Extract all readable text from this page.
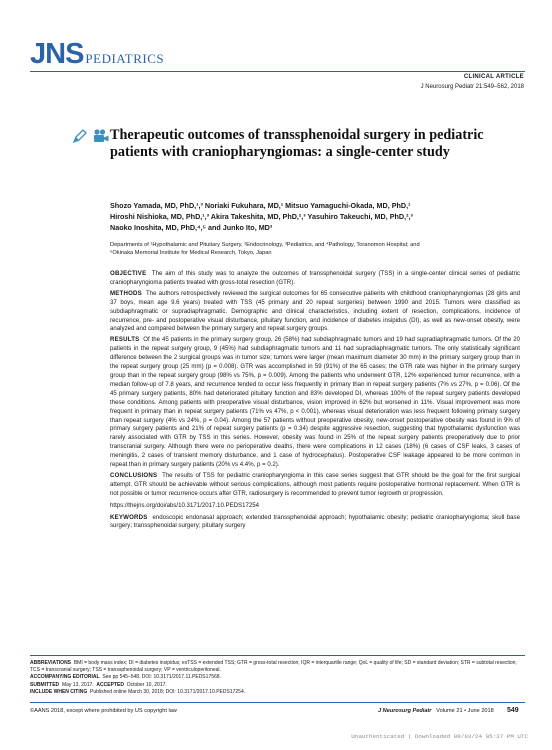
JNS PEDIATRICS
CLINICAL ARTICLE
J Neurosurg Pediatr 21:549–562, 2018
Therapeutic outcomes of transsphenoidal surgery in pediatric patients with craniopharyngiomas: a single-center study
Shozo Yamada, MD, PhD,¹,³ Noriaki Fukuhara, MD,¹ Mitsuo Yamaguchi-Okada, MD, PhD,¹
Hiroshi Nishioka, MD, PhD,¹,³ Akira Takeshita, MD, PhD,²,³ Yasuhiro Takeuchi, MD, PhD,²,³
Naoko Inoshita, MD, PhD,⁴,⁵ and Junko Ito, MD³
Departments of ¹Hypothalamic and Pituitary Surgery, ²Endocrinology, ³Pediatrics, and ⁴Pathology, Toranomon Hospital; and
⁵Okinaka Memorial Institute for Medical Research, Tokyo, Japan

OBJECTIVE The aim of this study was to analyze the outcomes of transsphenoidal surgery (TSS) in a single-center clinical series of pediatric craniopharyngioma patients treated with gross-total resection (GTR).

METHODS The authors retrospectively reviewed the surgical outcomes for 65 consecutive patients with childhood craniopharyngiomas (28 girls and 37 boys, mean age 9.6 years) treated with TSS (45 primary and 20 repeat surgeries) between 1990 and 2015. Tumors were classified as subdiaphragmatic or supradiaphragmatic. Demographic and clinical characteristics, including extent of resection, complications, incidence of recurrence, pre- and postoperative visual disturbance, pituitary function, and incidence of diabetes insipidus (DI), as well as new-onset obesity, were analyzed and compared between the primary surgery and repeat surgery groups.

RESULTS Of the 45 patients in the primary surgery group, 26 (58%) had subdiaphragmatic tumors and 19 had supradiaphragmatic tumors. Of the 20 patients in the repeat surgery group, 9 (45%) had subdiaphragmatic tumors and 11 had supradiaphragmatic tumors. The only statistically significant difference between the 2 surgical groups was in tumor size; tumors were larger (mean maximum diameter 30 mm) in the primary surgery group than in the repeat surgery group (25 mm) (p = 0.008). GTR was accomplished in 59 (91%) of the 65 cases; the GTR rate was higher in the primary surgery group than in the repeat surgery group (98% vs 75%, p = 0.009). Among the patients who underwent GTR, 12% experienced tumor recurrence, with a median follow-up of 7.8 years, and recurrence tended to occur less frequently in primary than in repeat surgery patients (7% vs 27%, p = 0.06). Of the 45 primary surgery patients, 80% had deteriorated pituitary function and 83% developed DI, whereas 100% of the repeat surgery patients developed these conditions. Among patients with preoperative visual disturbance, vision improved in 62% but worsened in 11%. Visual improvement was more frequent in primary than in repeat surgery patients (71% vs 47%, p < 0.001), whereas visual deterioration was less frequent following primary surgery than repeat surgery (4% vs 24%, p = 0.04). Among the 57 patients without preoperative obesity, new-onset postoperative obesity was found in 9% of primary surgery patients and 21% of repeat surgery patients (p = 0.34) despite aggressive resection, suggesting that hypothalamic dysfunction was rarely associated with GTR by TSS in this series. However, obesity was found in 25% of the repeat surgery patients preoperatively due to prior transcranial surgery. Although there were no perioperative deaths, there were complications in 12 cases (18%) (6 cases of CSF leaks, 3 cases of meningitis, 2 cases of transient memory disturbance, and 1 case of hydrocephalus). Postoperative CSF leakage appeared to be more common in repeat than in primary surgery patients (20% vs 4.4%, p = 0.2).

CONCLUSIONS The results of TSS for pediatric craniopharyngioma in this case series suggest that GTR should be the goal for the first surgical attempt. GTR should be achievable without serious complications, although most patients require postoperative hormonal replacement. When GTR is not possible or tumor recurrence occurs after GTR, radiosurgery is recommended to prevent tumor regrowth or progression.

https://thejns.org/doi/abs/10.3171/2017.10.PEDS17254

KEYWORDS endoscopic endonasal approach; extended transsphenoidal approach; hypothalamic obesity; pediatric craniopharyngioma; skull base surgery; transsphenoidal surgery; pituitary surgery

ABBREVIATIONS BMI = body mass index; DI = diabetes insipidus; exTSS = extended TSS; GTR = gross-total resection; IQR = interquartile range; QoL = quality of life; SD = standard deviation; STR = subtotal resection; TCS = transcranial surgery; TSS = transsphenoidal surgery; VP = ventriculoperitoneal.
ACCOMPANYING EDITORIAL See pp 545–548. DOI: 10.3171/2017.11.PEDS17568.
SUBMITTED May 13, 2017. ACCEPTED October 10, 2017.
INCLUDE WHEN CITING Published online March 30, 2018; DOI: 10.3171/2017.10.PEDS17254.
©AANS 2018, except where prohibited by US copyright law	J Neurosurg Pediatr Volume 21 • June 2018 549
Unauthenticated | Downloaded 08/03/24 05:37 PM UTC
